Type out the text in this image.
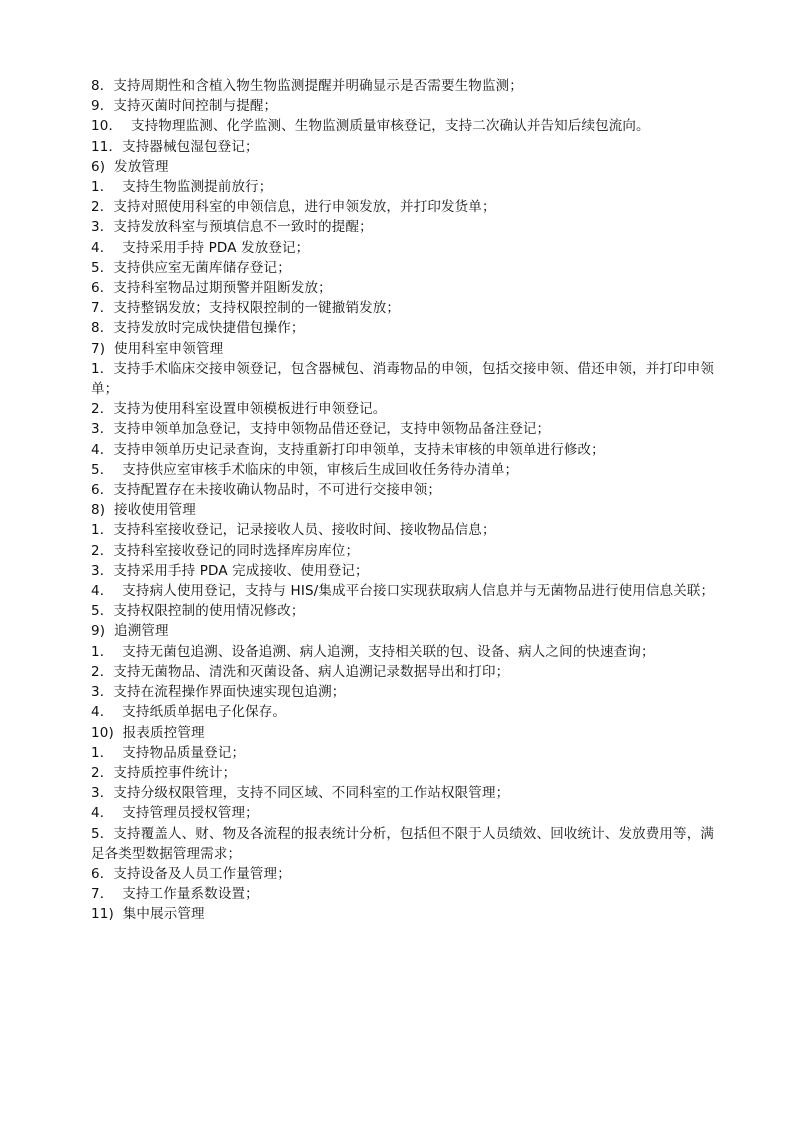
8．支持周期性和含植入物生物监测提醒并明确显示是否需要生物监测；
9．支持灭菌时间控制与提醒；
10．  支持物理监测、化学监测、生物监测质量审核登记，支持二次确认并告知后续包流向。
11．支持器械包湿包登记；
6)  发放管理
1．  支持生物监测提前放行；
2．支持对照使用科室的申领信息，进行申领发放，并打印发货单；
3．支持发放科室与预填信息不一致时的提醒；
4．  支持采用手持 PDA 发放登记；
5．支持供应室无菌库储存登记；
6．支持科室物品过期预警并阻断发放；
7．支持整锅发放；支持权限控制的一键撤销发放；
8．支持发放时完成快捷借包操作；
7)  使用科室申领管理
1．支持手术临床交接申领登记，包含器械包、消毒物品的申领，包括交接申领、借还申领，并打印申领单；
2．支持为使用科室设置申领模板进行申领登记。
3．支持申领单加急登记，支持申领物品借还登记，支持申领物品备注登记；
4．支持申领单历史记录查询，支持重新打印申领单，支持未审核的申领单进行修改；
5．  支持供应室审核手术临床的申领，审核后生成回收任务待办清单；
6．支持配置存在未接收确认物品时，不可进行交接申领；
8)  接收使用管理
1．支持科室接收登记，记录接收人员、接收时间、接收物品信息；
2．支持科室接收登记的同时选择库房库位；
3．支持采用手持 PDA 完成接收、使用登记；
4．  支持病人使用登记，支持与 HIS/集成平台接口实现获取病人信息并与无菌物品进行使用信息关联；
5．支持权限控制的使用情况修改；
9)  追溯管理
1．  支持无菌包追溯、设备追溯、病人追溯，支持相关联的包、设备、病人之间的快速查询；
2．支持无菌物品、清洗和灭菌设备、病人追溯记录数据导出和打印；
3．支持在流程操作界面快速实现包追溯；
4．  支持纸质单据电子化保存。
10)  报表质控管理
1．  支持物品质量登记；
2．支持质控事件统计；
3．支持分级权限管理，支持不同区域、不同科室的工作站权限管理；
4．  支持管理员授权管理；
5．支持覆盖人、财、物及各流程的报表统计分析，包括但不限于人员绩效、回收统计、发放费用等，满足各类型数据管理需求；
6．支持设备及人员工作量管理；
7．  支持工作量系数设置；
11)  集中展示管理
